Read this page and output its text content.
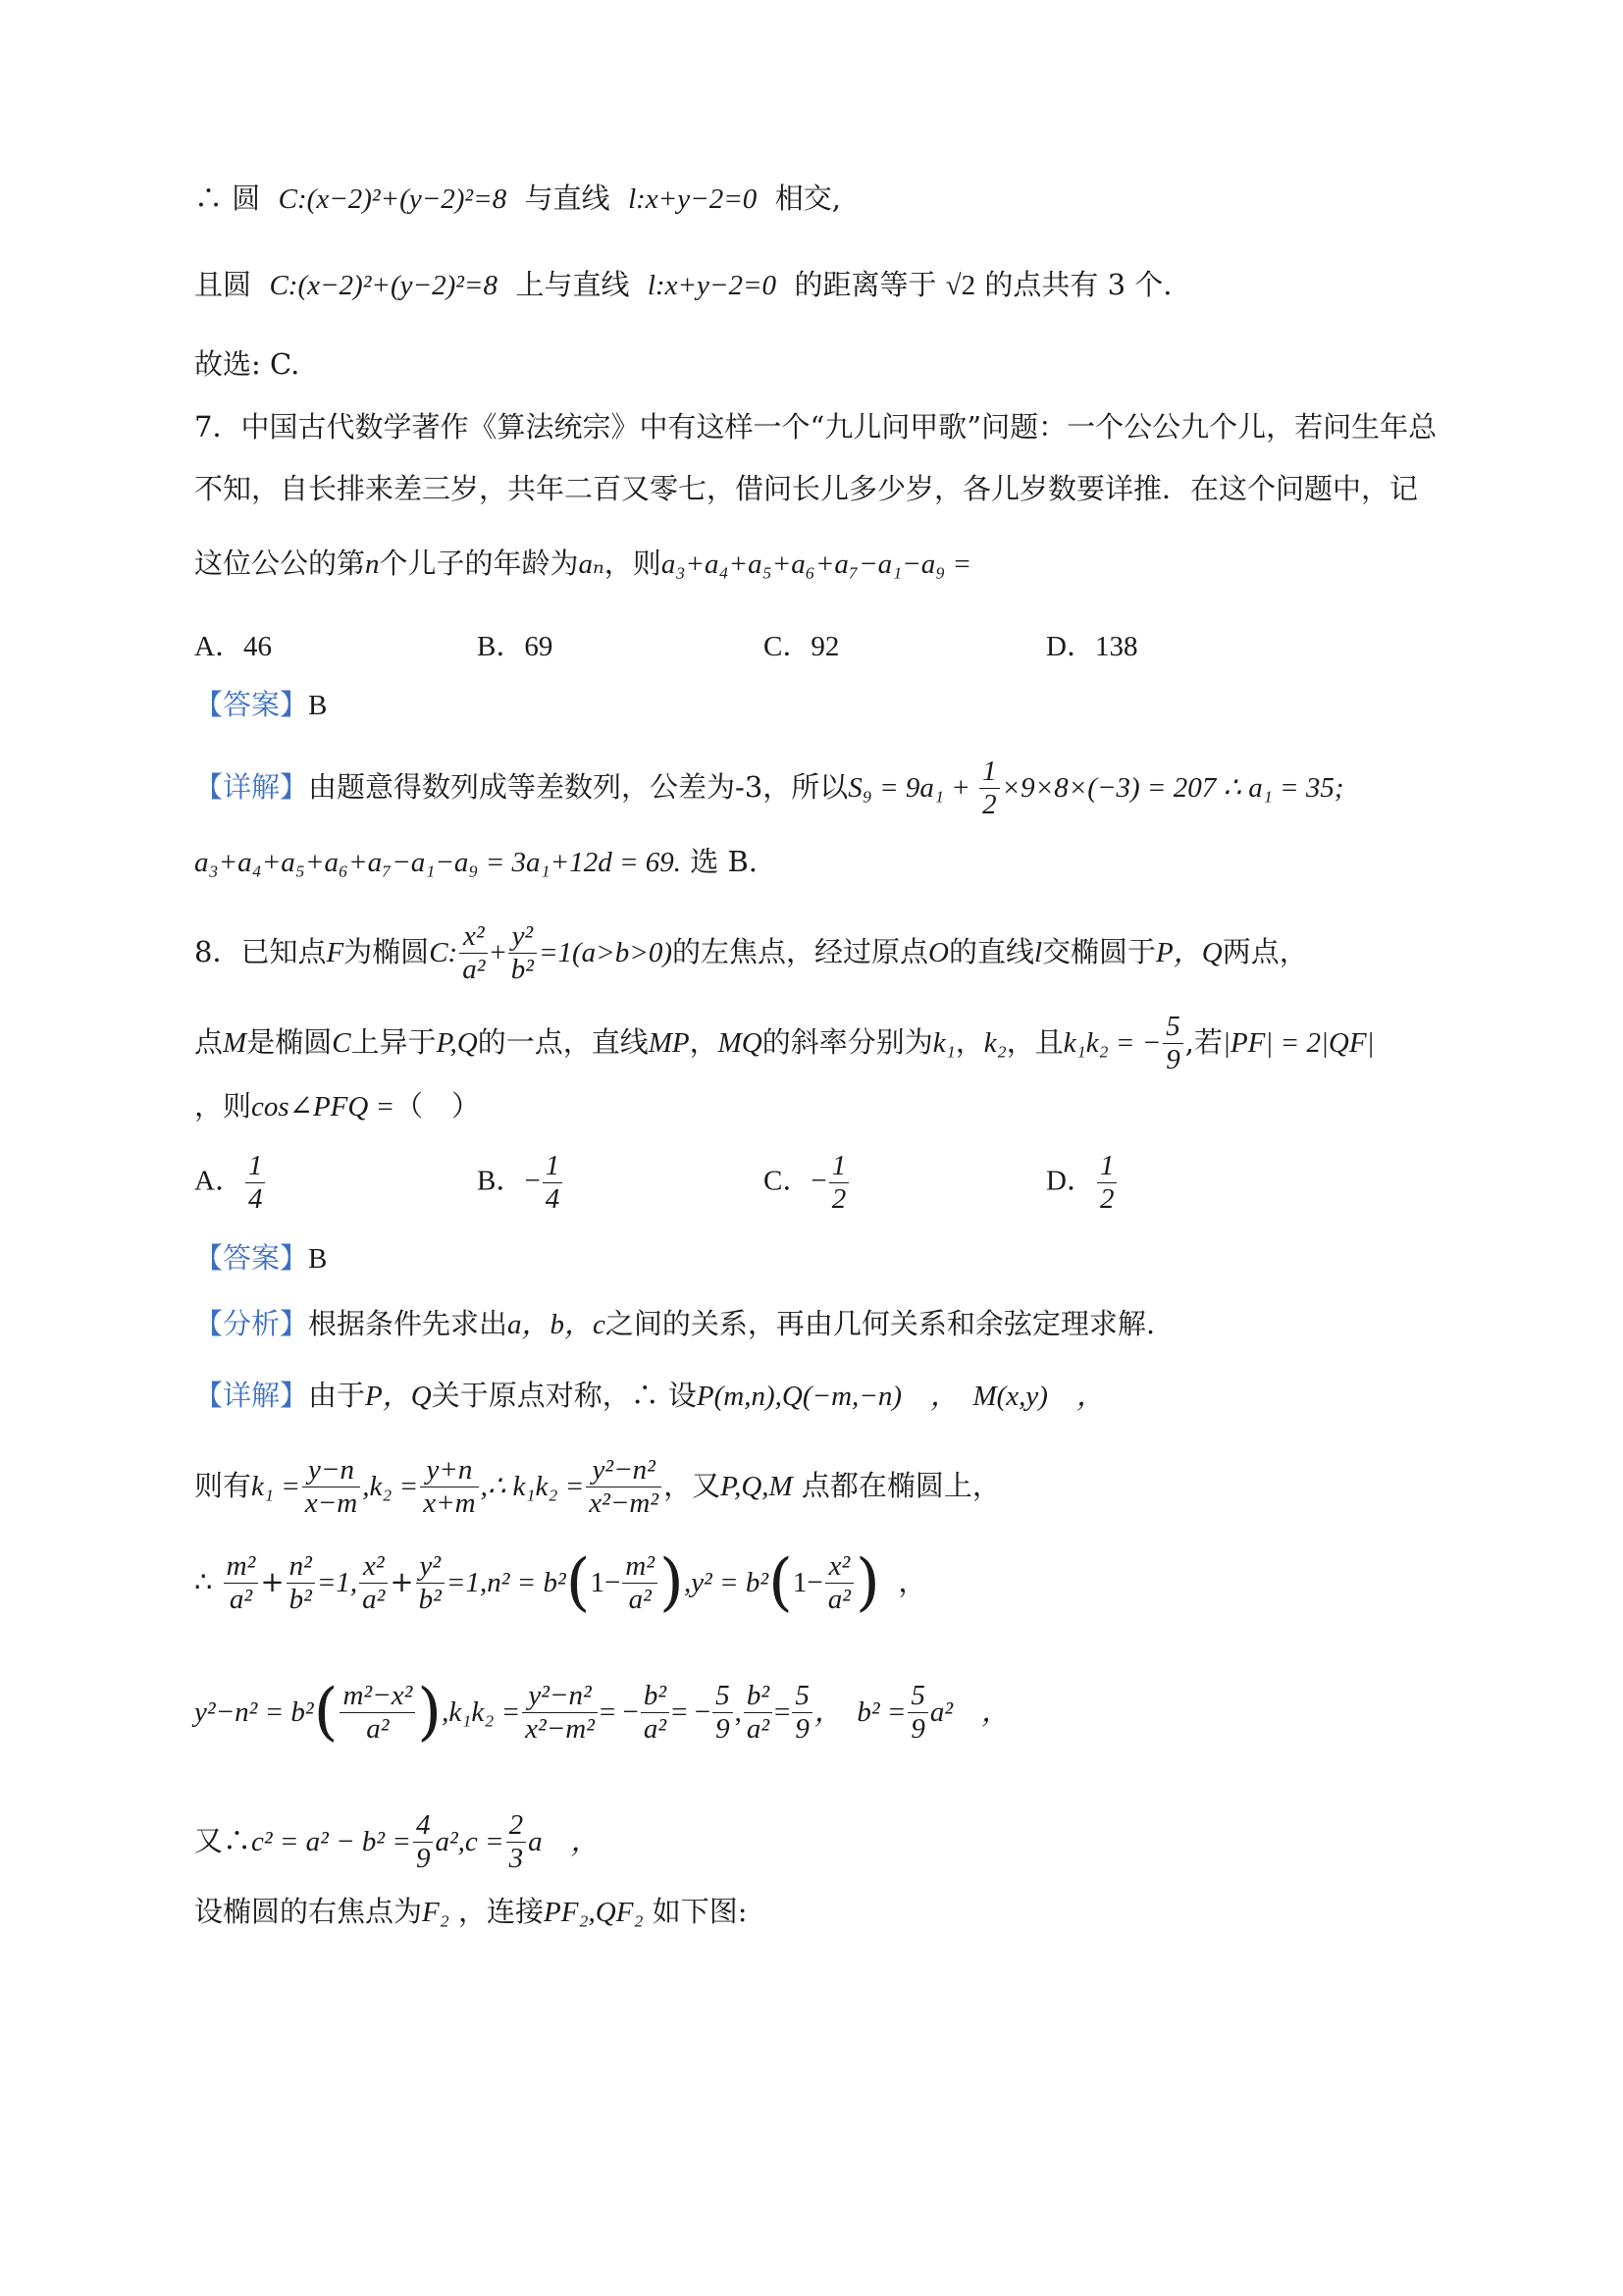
∴ 圆 C:(x−2)²+(y−2)²=8 与直线 l:x+y−2=0 相交,
且圆 C:(x−2)²+(y−2)²=8 上与直线 l:x+y−2=0 的距离等于 √2 的点共有 3 个.
故选: C.
7．中国古代数学著作《算法统宗》中有这样一个“九儿问甲歌”问题：一个公公九个儿，若问生年总
不知，自长排来差三岁，共年二百又零七，借问长儿多少岁，各儿岁数要详推．在这个问题中，记
这位公公的第n个儿子的年龄为aₙ，则a₃+a₄+a₅+a₆+a₇−a₁−a₉ =
A．46	B．69	C．92	D．138
【答案】B
【详解】由题意得数列成等差数列，公差为-3，所以$S_9 = 9a_1 + \frac{1}{2} \times 9\times 8\times(-3) = 207$ ∴ a₁ = 35;
a₃+a₄+a₅+a₆+a₇−a₁−a₉ = 3a₁+12d = 69. 选 B.
8．已知点F为椭圆C: $\frac{\text{x²}}{\text{a²}} + \frac{\text{y²}}{\text{b²}} =1(a>b>0)$的左焦点，经过原点O的直线l交椭圆于P，Q两点，
点M是椭圆C上异于P,Q的一点，直线MP，MQ的斜率分别为k₁，k₂，且k₁k₂ = − $\frac{5}{9}$ ,若|PF| = 2|QF|
，则cos∠PFQ =（　）
A． $\frac{1}{4}$	B．− $\frac{1}{4}$	C．− $\frac{1}{2}$	D． $\frac{1}{2}$
【答案】B
【分析】根据条件先求出a，b，c之间的关系，再由几何关系和余弦定理求解.
【详解】由于P，Q关于原点对称，∴ 设P(m,n),Q(−m,−n)　，　M(x,y)　，
则有$k_1 = \frac{y-n}{x-m} ,k_2 = \frac{y+n}{x+m}$ ,∴ $k_1k_2 = \frac{\text{y²−n²}}{\text{x²−m²}}$ ，又P,Q,M 点都在椭圆上，
∴ $\frac{\text{m²}}{\text{a²}} + \frac{\text{n²}}{\text{b²}} =1$, $\frac{\text{x²}}{\text{a²}} + \frac{\text{y²}}{\text{b²}} =1,n^2 = b^2(1- \frac{\text{m²}}{\text{a²}} ),y^2 = b^2(1- \frac{\text{x²}}{\text{a²}}$ ) ，
$y^2-n^2 = b^2( \frac{\text{m²−x²}}{\text{a²}} ),k_1k_2 = \frac{\text{y²−n²}}{\text{x²−m²}}$ = − $\frac{\text{b²}}{\text{a²}}$ = − $\frac{5}{9}$ , $\frac{\text{b²}}{\text{a²}} = \frac{5}{9}$ ，　$b^2 = \frac{5}{9} a^2$　，
又∴c² = $a^2 - b^2 = \frac{4}{9} a^2,c = \frac{2}{3}$ a　，
设椭圆的右焦点为F₂ ，连接PF₂,QF₂ 如下图:
